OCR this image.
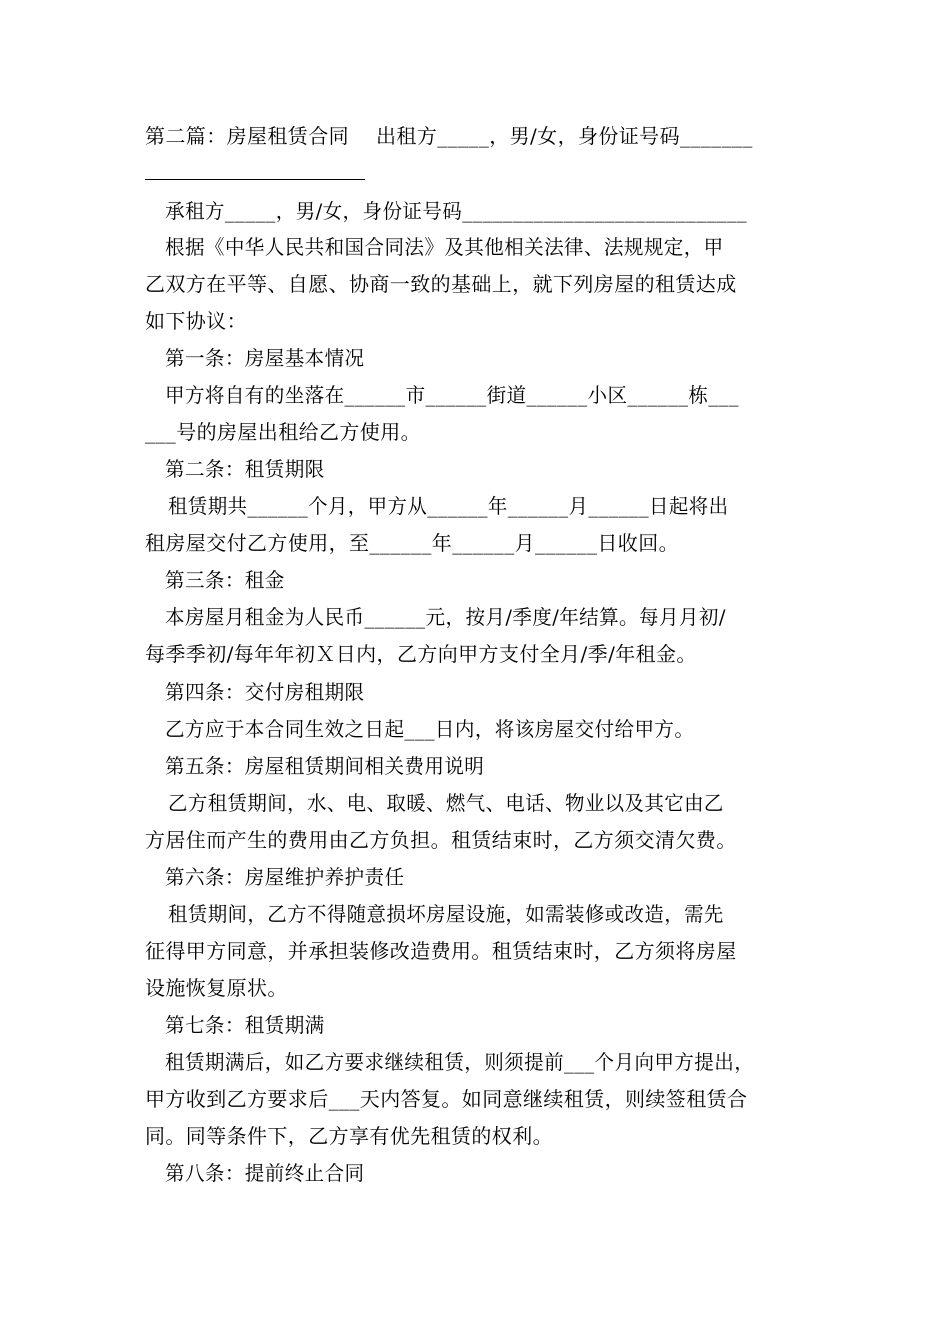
第二篇：房屋租赁合同    出租方_____，男/女，身份证号码_______
承租方_____，男/女，身份证号码____________________________
根据《中华人民共和国合同法》及其他相关法律、法规规定，甲
乙双方在平等、自愿、协商一致的基础上，就下列房屋的租赁达成
如下协议：
第一条：房屋基本情况
甲方将自有的坐落在______市______街道______小区______栋___
___号的房屋出租给乙方使用。
第二条：租赁期限
租赁期共______个月，甲方从______年______月______日起将出
租房屋交付乙方使用，至______年______月______日收回。
第三条：租金
本房屋月租金为人民币______元，按月/季度/年结算。每月月初/
每季季初/每年年初Ｘ日内，乙方向甲方支付全月/季/年租金。
第四条：交付房租期限
乙方应于本合同生效之日起___日内，将该房屋交付给甲方。
第五条：房屋租赁期间相关费用说明
乙方租赁期间，水、电、取暖、燃气、电话、物业以及其它由乙
方居住而产生的费用由乙方负担。租赁结束时，乙方须交清欠费。
第六条：房屋维护养护责任
租赁期间，乙方不得随意损坏房屋设施，如需装修或改造，需先
征得甲方同意，并承担装修改造费用。租赁结束时，乙方须将房屋
设施恢复原状。
第七条：租赁期满
租赁期满后，如乙方要求继续租赁，则须提前___个月向甲方提出，
甲方收到乙方要求后___天内答复。如同意继续租赁，则续签租赁合
同。同等条件下，乙方享有优先租赁的权利。
第八条：提前终止合同
